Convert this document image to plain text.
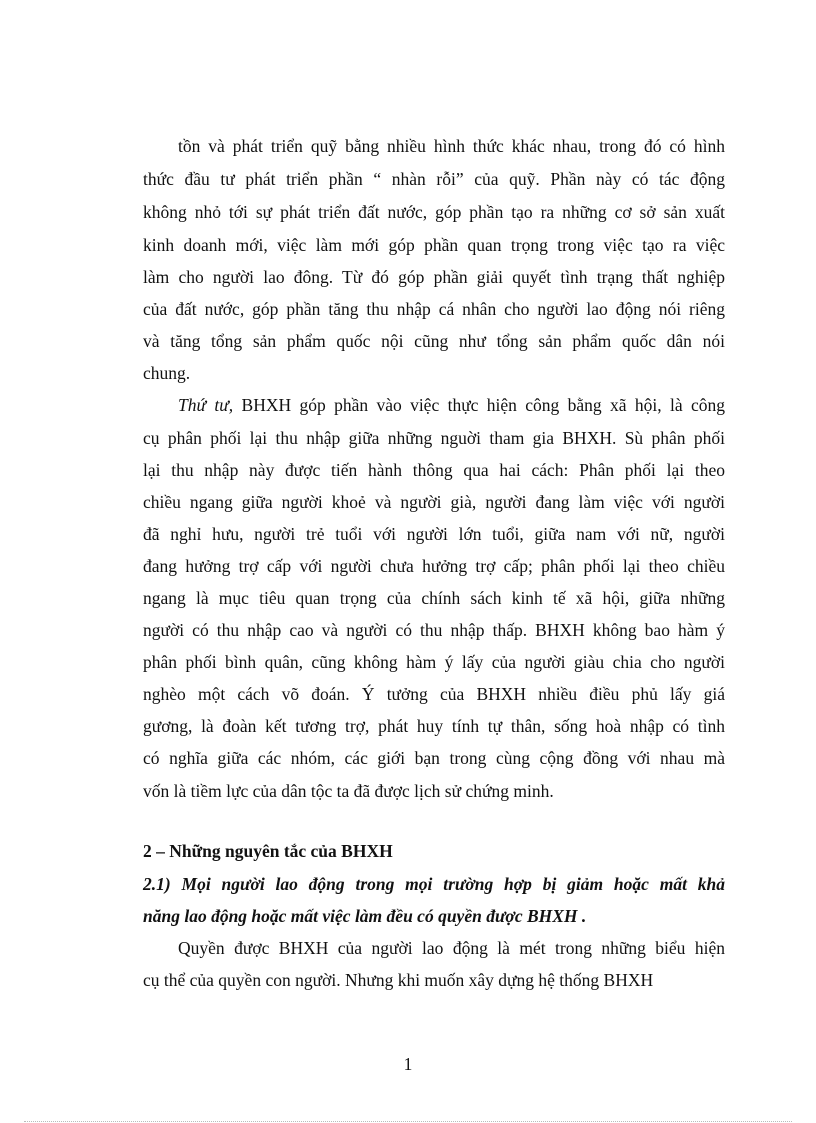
tồn và phát triển quỹ bằng nhiều hình thức khác nhau, trong đó có hình
thức đầu tư phát triển phần “ nhàn rỗi” của quỹ. Phần này có tác động
không nhỏ tới sự phát triển đất nước, góp phần tạo ra những cơ sở sản xuất
kinh doanh mới, việc làm mới góp phần quan trọng trong việc tạo ra việc
làm cho người lao đông. Từ đó góp phần giải quyết tình trạng thất nghiệp
của đất nước, góp phần tăng thu nhập cá nhân cho người lao động nói riêng
và tăng tổng sản phẩm quốc nội cũng như tổng sản phẩm quốc dân nói
chung.
Thứ tư, BHXH góp phần vào việc thực hiện công bằng xã hội, là công
cụ phân phối lại thu nhập giữa những nguời tham gia BHXH. Sù phân phối
lại thu nhập này được tiến hành thông qua hai cách: Phân phối lại theo
chiều ngang giữa người khoẻ và người già, người đang làm việc với người
đã nghỉ hưu, người trẻ tuổi với người lớn tuổi, giữa nam với nữ, người
đang hưởng trợ cấp với người chưa hưởng trợ cấp; phân phối lại theo chiều
ngang là mục tiêu quan trọng của chính sách kinh tế xã hội, giữa những
người có thu nhập cao và người có thu nhập thấp. BHXH không bao hàm ý
phân phối bình quân, cũng không hàm ý lấy của người giàu chia cho người
nghèo một cách võ đoán. Ý tưởng của BHXH nhiều điều phủ lấy giá
gương, là đoàn kết tương trợ, phát huy tính tự thân, sống hoà nhập có tình
có nghĩa giữa các nhóm, các giới bạn trong cùng cộng đồng với nhau mà
vốn là tiềm lực của dân tộc ta đã được lịch sử chứng minh.
2 – Những nguyên tắc của BHXH
2.1) Mọi người lao động trong mọi trường hợp bị giảm hoặc mất khả
năng lao động hoặc mất việc làm đều có quyền được BHXH .
Quyền được BHXH của người lao động là mét trong những biểu hiện
cụ thể của quyền con người. Nhưng khi muốn xây dựng hệ thống BHXH
1
